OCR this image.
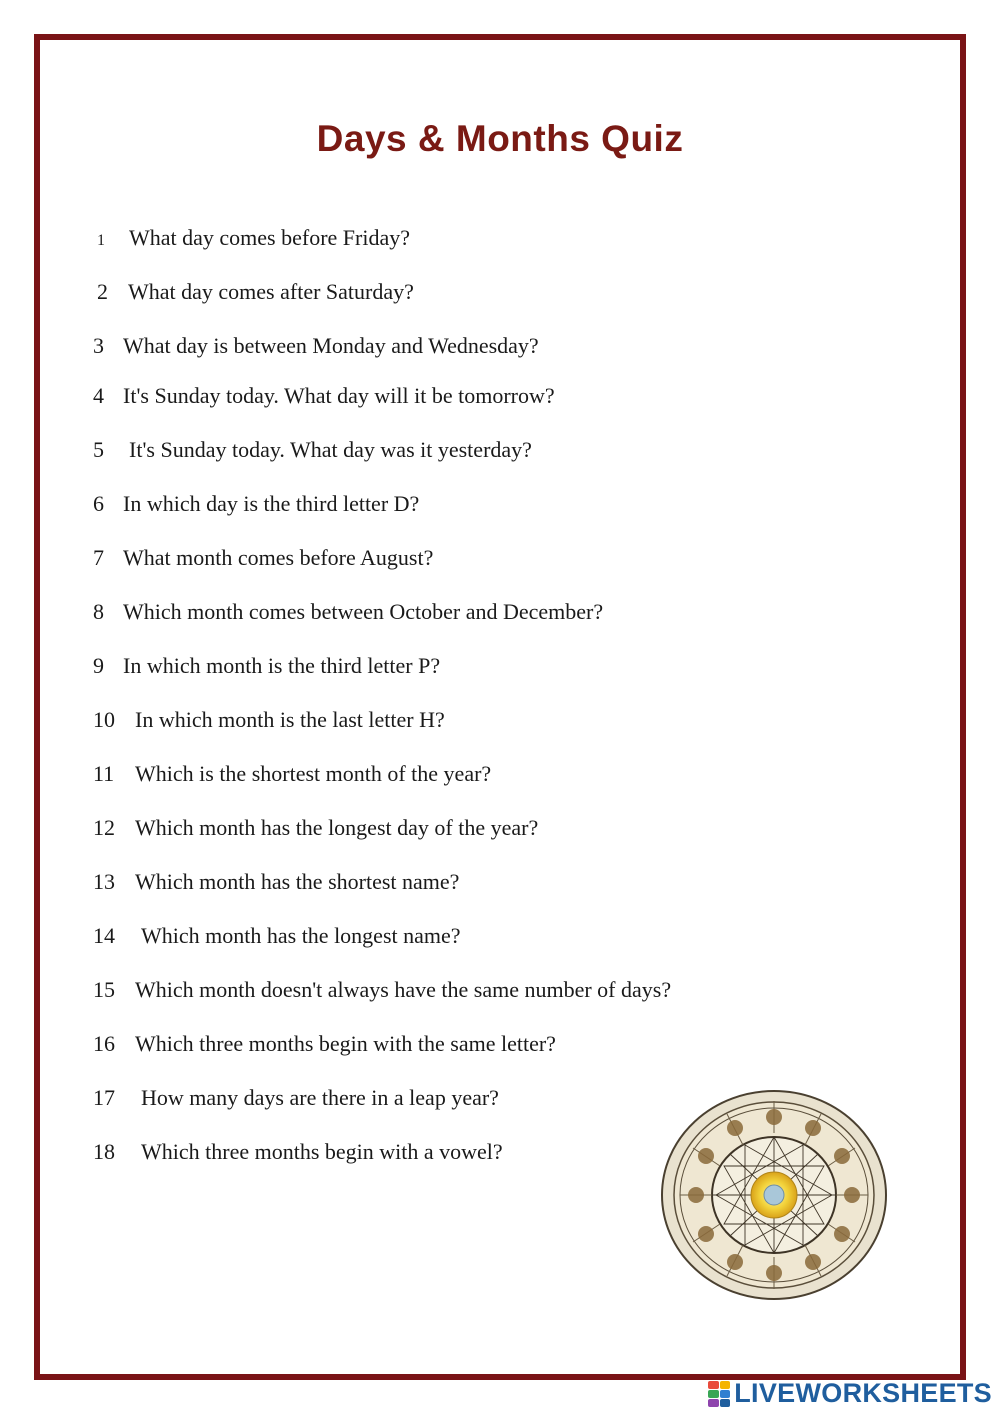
Days & Months Quiz
1 What day comes before Friday?
2 What day comes after Saturday?
3 What day is between Monday and Wednesday?
4 It's Sunday today. What day will it be tomorrow?
5 It's Sunday today. What day was it yesterday?
6 In which day is the third letter D?
7 What month comes before August?
8 Which month comes between October and December?
9 In which month is the third letter P?
10 In which month is the last letter H?
11 Which is the shortest month of the year?
12 Which month has the longest day of the year?
13 Which month has the shortest name?
14 Which month has the longest name?
15 Which month doesn't always have the same number of days?
16 Which three months begin with the same letter?
17 How many days are there in a leap year?
18 Which three months begin with a vowel?
LIVEWORKSHEETS
